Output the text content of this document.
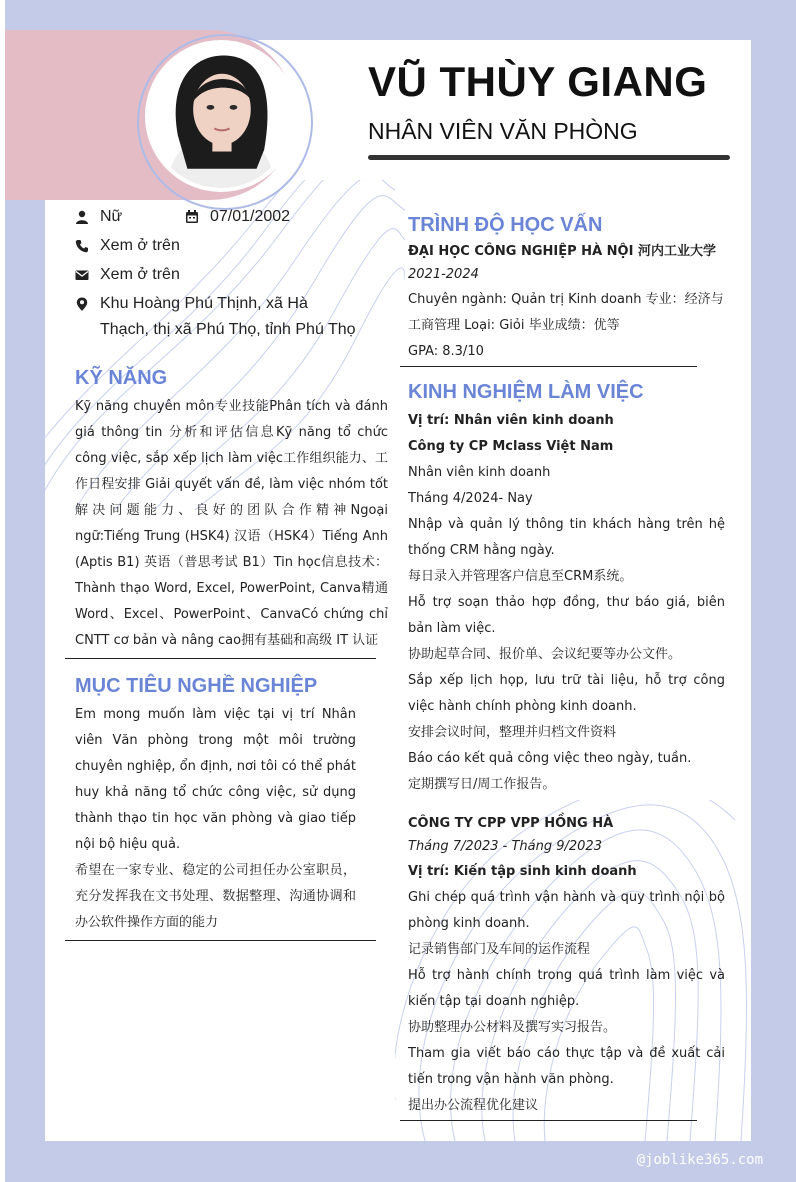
VŨ THÙY GIANG
NHÂN VIÊN VĂN PHÒNG
Nữ	07/01/2002
Xem ở trên
Xem ở trên
Khu Hoàng Phú Thịnh, xã Hà
Thạch, thị xã Phú Thọ, tỉnh Phú Thọ
KỸ NĂNG

Kỹ năng chuyên môn专业技能Phân tích và đánh giá thông tin 分析和评估信息Kỹ năng tổ chức công việc, sắp xếp lịch làm việc工作组织能力、工作日程安排 Giải quyết vấn đề, làm việc nhóm tốt解决问题能力、良好的团队合作精神Ngoại ngữ:Tiếng Trung (HSK4) 汉语（HSK4）Tiếng Anh (Aptis B1) 英语（普思考试 B1）Tin học信息技术：Thành thạo Word, Excel, PowerPoint, Canva精通Word、Excel、PowerPoint、CanvaCó chứng chỉ CNTT cơ bản và nâng cao拥有基础和高级 IT 认证

MỤC TIÊU NGHỀ NGHIỆP

Em mong muốn làm việc tại vị trí Nhân viên Văn phòng trong một môi trường chuyên nghiệp, ổn định, nơi tôi có thể phát huy khả năng tổ chức công việc, sử dụng thành thạo tin học văn phòng và giao tiếp nội bộ hiệu quả.

希望在一家专业、稳定的公司担任办公室职员，充分发挥我在文书处理、数据整理、沟通协调和办公软件操作方面的能力

TRÌNH ĐỘ HỌC VẤN
ĐẠI HỌC CÔNG NGHIỆP HÀ NỘI 河内工业大学
2021-2024
Chuyên ngành: Quản trị Kinh doanh 专业：经济与
工商管理 Loại: Giỏi 毕业成绩：优等
GPA: 8.3/10
KINH NGHIỆM LÀM VIỆC
Vị trí: Nhân viên kinh doanh
Công ty CP Mclass Việt Nam
Nhân viên kinh doanh
Tháng 4/2024- Nay

Nhập và quản lý thông tin khách hàng trên hệ thống CRM hằng ngày.

每日录入并管理客户信息至CRM系统。

Hỗ trợ soạn thảo hợp đồng, thư báo giá, biên bản làm việc.

协助起草合同、报价单、会议纪要等办公文件。

Sắp xếp lịch họp, lưu trữ tài liệu, hỗ trợ công việc hành chính phòng kinh doanh.

安排会议时间，整理并归档文件资料
Báo cáo kết quả công việc theo ngày, tuần.
定期撰写日/周工作报告。
CÔNG TY CPP VPP HỒNG HÀ
Tháng 7/2023 - Tháng 9/2023
Vị trí: Kiến tập sinh kinh doanh

Ghi chép quá trình vận hành và quy trình nội bộ phòng kinh doanh.

记录销售部门及车间的运作流程

Hỗ trợ hành chính trong quá trình làm việc và kiến tập tại doanh nghiệp.

协助整理办公材料及撰写实习报告。

Tham gia viết báo cáo thực tập và đề xuất cải tiến trong vận hành văn phòng.

提出办公流程优化建议
@joblike365.com
